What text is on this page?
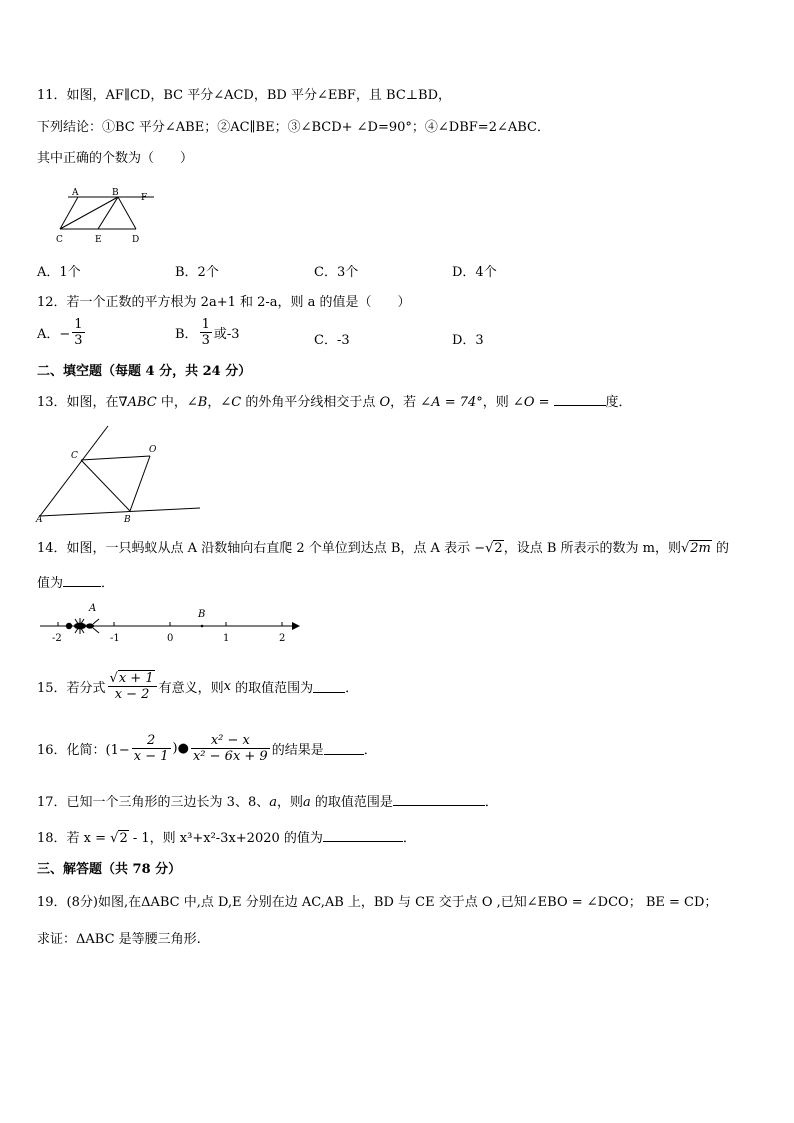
11．如图，AF∥CD，BC 平分∠ACD，BD 平分∠EBF，且 BC⊥BD，
下列结论：①BC 平分∠ABE；②AC∥BE；③∠BCD+ ∠D=90°；④∠DBF=2∠ABC．
其中正确的个数为（　　）
A	B F
C	E	D
A．1个	B．2个	C．3个	D．4个
12．若一个正数的平方根为 2a+1 和 2-a，则 a 的值是（　　）
A．− $\frac{1}{3}$	B． $\frac{1}{3}$ 或-3	C．-3	D．3
二、填空题（每题 4 分，共 24 分）
13．如图，在∇ABC 中，∠B，∠C 的外角平分线相交于点 O，若 ∠A = 74°，则 ∠O =	度．
C
O
A	B
14．如图，一只蚂蚁从点 A 沿数轴向右直爬 2 个单位到达点 B，点 A 表示 −√2，设点 B 所表示的数为 m，则√2m 的
值为	．
-2	-1	0	1	2
A
B
15．若分式 $\frac{√x + 1}{x - 2}$ 有意义，则x 的取值范围为 ．
16．化简：($1- \frac{2}{x - 1}$ )● $\frac{\text{x² − x}}{\text{x² − 6x + 9}}$ 的结果是	．
17．已知一个三角形的三边长为 3、8、a，则a 的取值范围是	．
18．若 x = √2 - 1，则 x³+x²-3x+2020 的值为	．
三、解答题（共 78 分）
19．(8分)如图,在ΔABC 中,点 D,E 分别在边 AC,AB 上，BD 与 CE 交于点 O ,已知∠EBO = ∠DCO； BE = CD；
求证：ΔABC 是等腰三角形.
